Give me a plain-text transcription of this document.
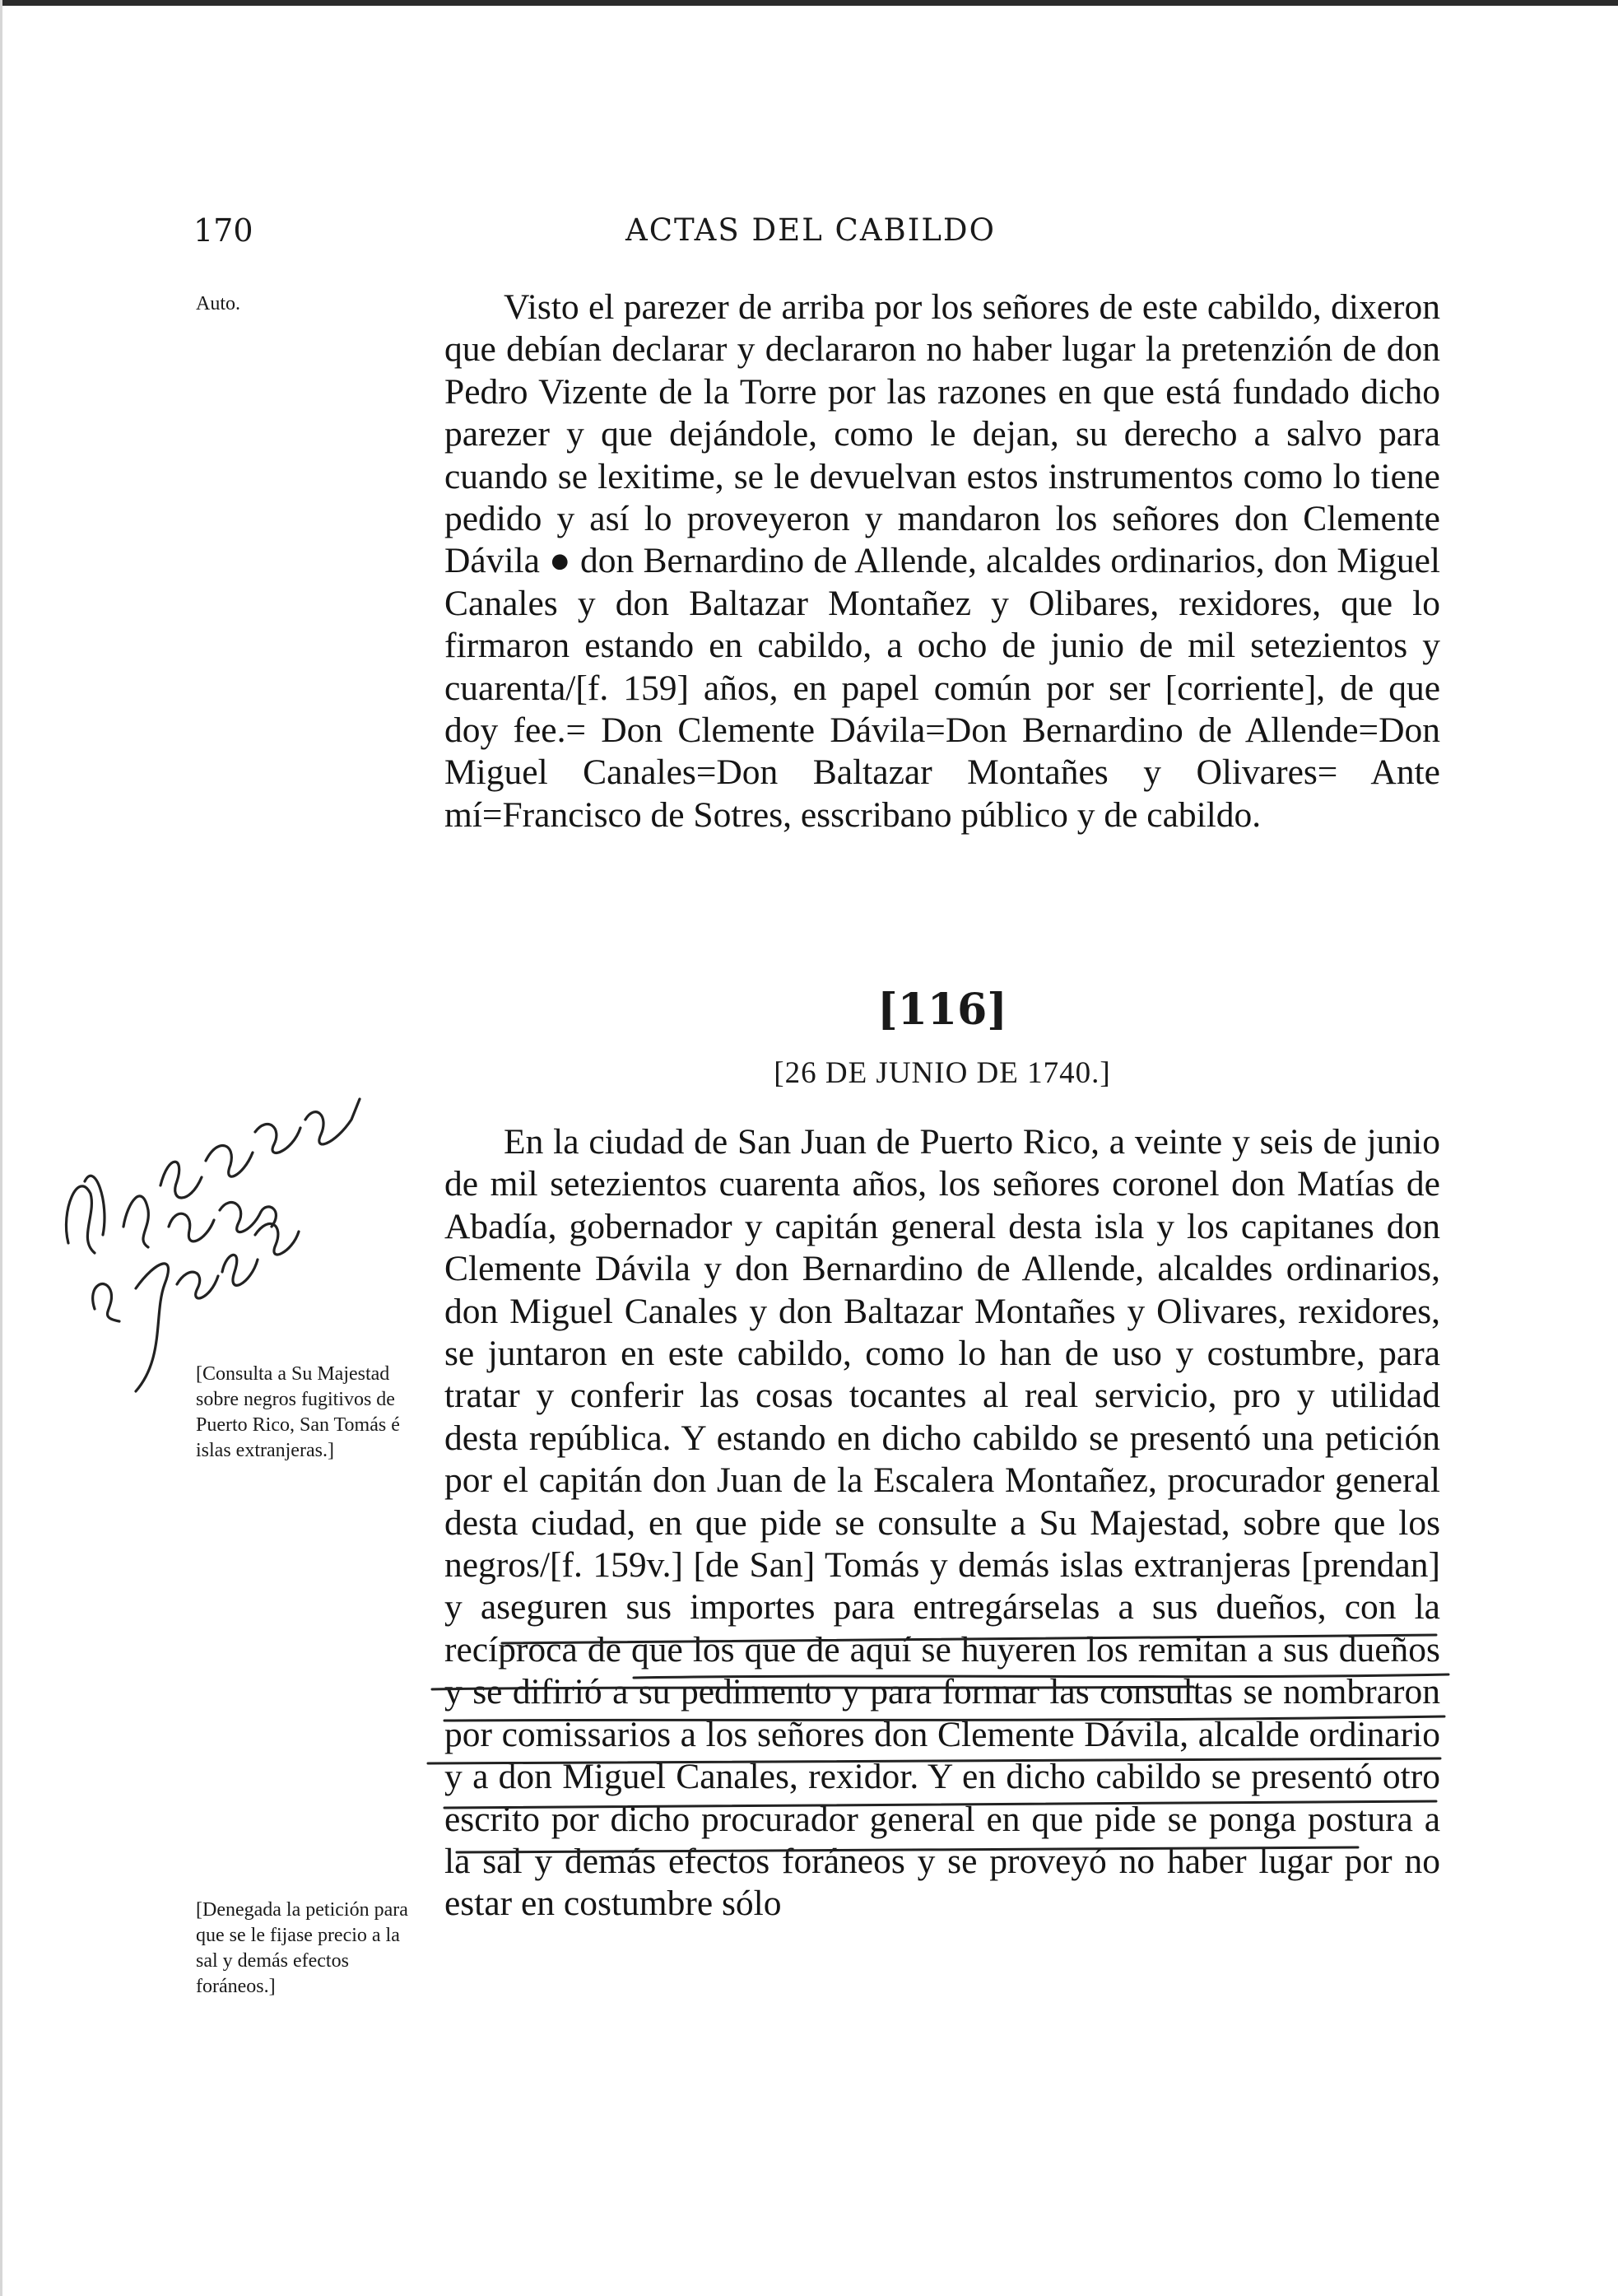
170	ACTAS DEL CABILDO
Auto.
[Consulta a Su Majestad sobre negros fugitivos de Puerto Rico, San Tomás é islas extranjeras.]
[Denegada la petición para que se le fijase precio a la sal y demás efectos foráneos.]

Visto el parezer de arriba por los señores de este cabildo, dixeron que debían declarar y declararon no haber lugar la pretenzión de don Pedro Vizente de la Torre por las razones en que está fundado dicho parezer y que dejándole, como le dejan, su derecho a salvo para cuando se lexitime, se le devuelvan estos instrumentos como lo tiene pedido y así lo proveyeron y mandaron los señores don Clemente Dávila ● don Bernardino de Allende, alcaldes ordinarios, don Miguel Canales y don Baltazar Montañez y Olibares, rexidores, que lo firmaron estando en cabildo, a ocho de junio de mil setezientos y cuarenta/[f. 159] años, en papel común por ser [corriente], de que doy fee.= Don Clemente Dávila=Don Bernardino de Allende=Don Miguel Canales=Don Baltazar Montañes y Olivares= Ante mí=Francisco de Sotres, esscribano público y de cabildo.

[116]
[26 DE JUNIO DE 1740.]

En la ciudad de San Juan de Puerto Rico, a veinte y seis de junio de mil setezientos cuarenta años, los señores coronel don Matías de Abadía, gobernador y capitán general desta isla y los capitanes don Clemente Dávila y don Bernardino de Allende, alcaldes ordinarios, don Miguel Canales y don Baltazar Montañes y Olivares, rexidores, se juntaron en este cabildo, como lo han de uso y costumbre, para tratar y conferir las cosas tocantes al real servicio, pro y utilidad desta república. Y estando en dicho cabildo se presentó una petición por el capitán don Juan de la Escalera Montañez, procurador general desta ciudad, en que pide se consulte a Su Majestad, sobre que los negros/[f. 159v.] [de San] Tomás y demás islas extranjeras [prendan] y aseguren sus importes para entregárselas a sus dueños, con la recíproca de que los que de aquí se huyeren los remitan a sus dueños y se difirió a su pedimento y para formar las consultas se nombraron por comissarios a los señores don Clemente Dávila, alcalde ordinario y a don Miguel Canales, rexidor. Y en dicho cabildo se presentó otro escrito por dicho procurador general en que pide se ponga postura a la sal y demás efectos foráneos y se proveyó no haber lugar por no estar en costumbre sólo
